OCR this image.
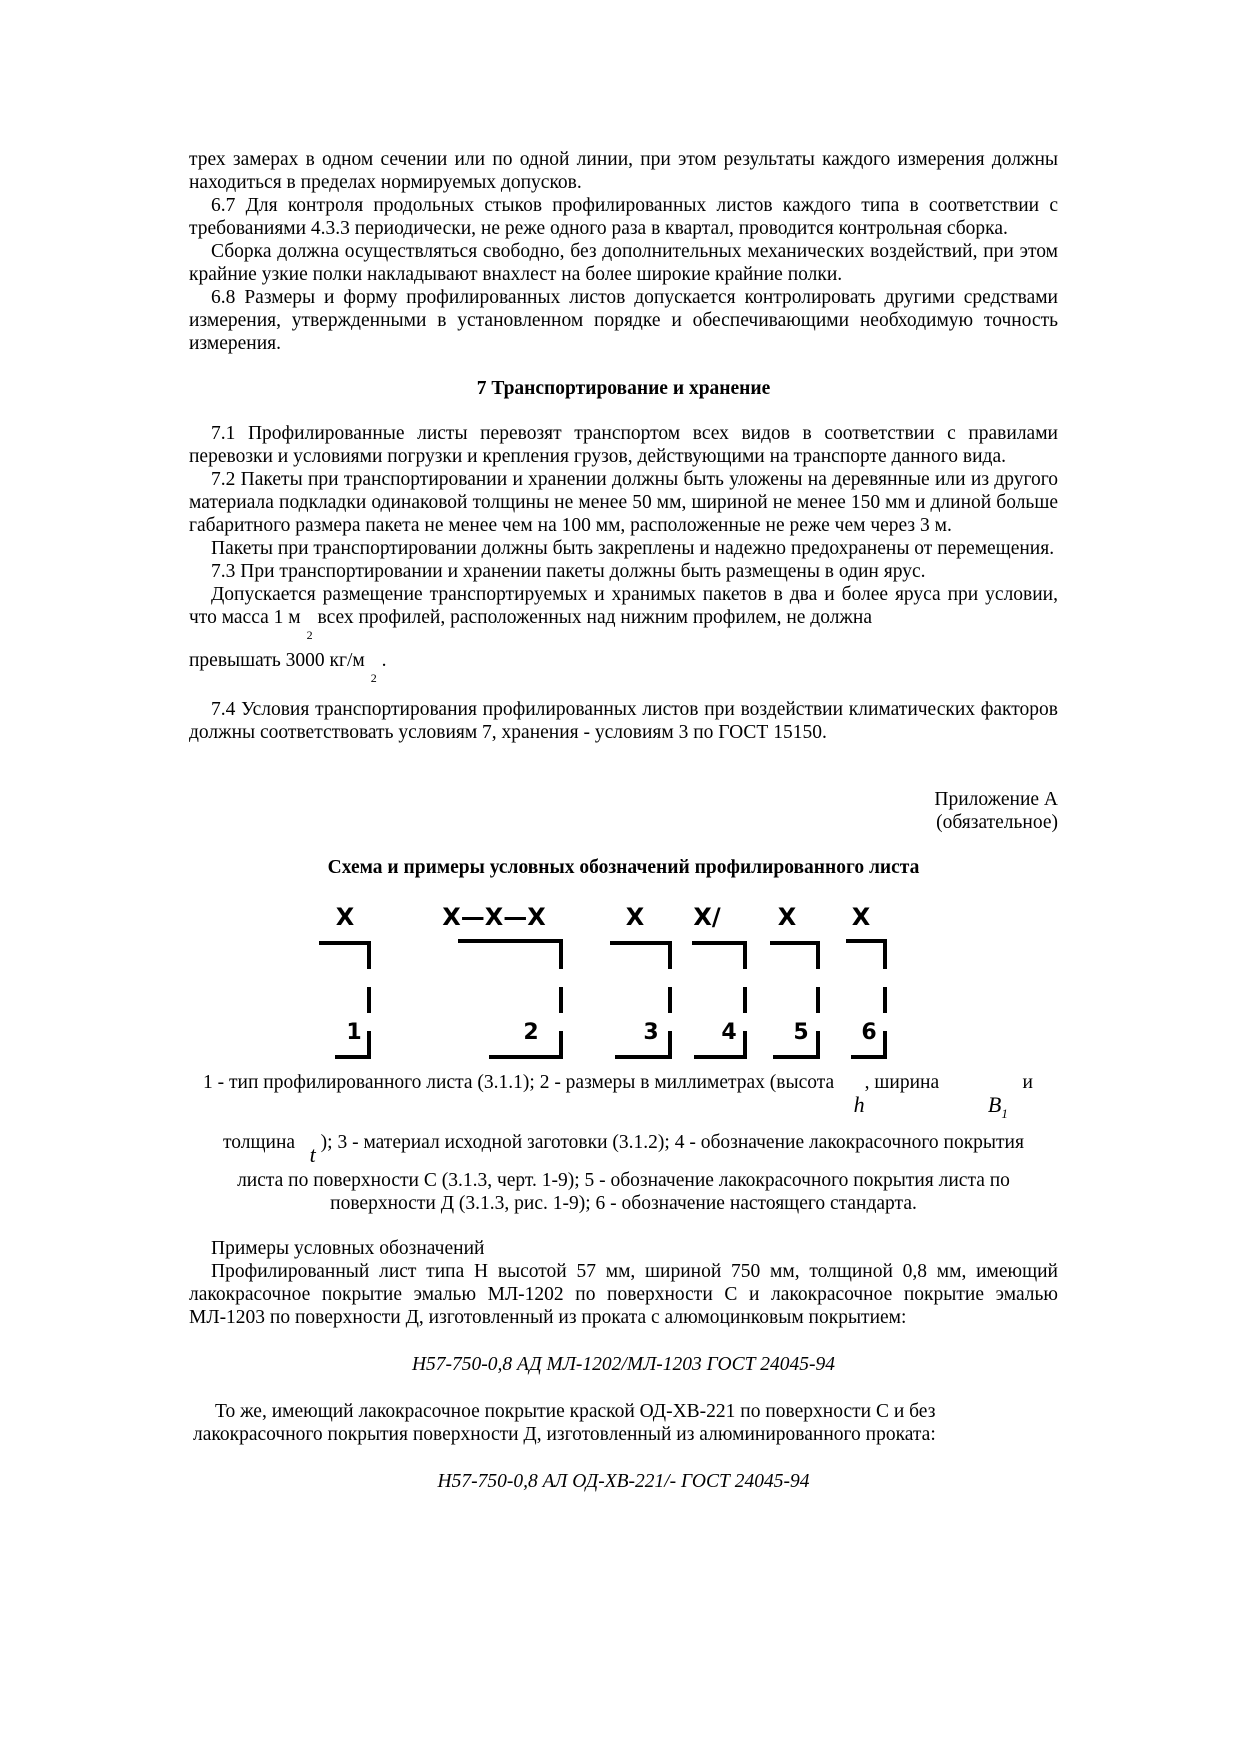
трех замерах в одном сечении или по одной линии, при этом результаты каждого измерения должны находиться в пределах нормируемых допусков.

6.7 Для контроля продольных стыков профилированных листов каждого типа в соответствии с требованиями 4.3.3 периодически, не реже одного раза в квартал, проводится контрольная сборка.

Сборка должна осуществляться свободно, без дополнительных механических воздействий, при этом крайние узкие полки накладывают внахлест на более широкие крайние полки.

6.8 Размеры и форму профилированных листов допускается контролировать другими средствами измерения, утвержденными в установленном порядке и обеспечивающими необходимую точность измерения.

7 Транспортирование и хранение

7.1 Профилированные листы перевозят транспортом всех видов в соответствии с правилами перевозки и условиями погрузки и крепления грузов, действующими на транспорте данного вида.

7.2 Пакеты при транспортировании и хранении должны быть уложены на деревянные или из другого материала подкладки одинаковой толщины не менее 50 мм, шириной не менее 150 мм и длиной больше габаритного размера пакета не менее чем на 100 мм, расположенные не реже чем через 3 м.

Пакеты при транспортировании должны быть закреплены и надежно предохранены от перемещения.

7.3 При транспортировании и хранении пакеты должны быть размещены в один ярус.

Допускается размещение транспортируемых и хранимых пакетов в два и более яруса при условии, что масса 1 $м_2$ всех профилей, расположенных над нижним профилем, не должна

превышать 3000 $кг/м_2$ .

7.4 Условия транспортирования профилированных листов при воздействии климатических факторов должны соответствовать условиям 7, хранения - условиям 3 по ГОСТ 15150.

Приложение А

(обязательное)

Схема и примеры условных обозначений профилированного листа

Х	Х—Х—Х	Х Х/ Х Х
1	2	3	4	5 6

1 - тип профилированного листа (3.1.1); 2 - размеры в миллиметрах (высота    h, ширина          $B_1$   и

толщина t ); 3 - материал исходной заготовки (3.1.2); 4 - обозначение лакокрасочного покрытия

листа по поверхности С (3.1.3, черт. 1-9); 5 - обозначение лакокрасочного покрытия листа по поверхности Д (3.1.3, рис. 1-9); 6 - обозначение настоящего стандарта.

Примеры условных обозначений

Профилированный лист типа Н высотой 57 мм, шириной 750 мм, толщиной 0,8 мм, имеющий лакокрасочное покрытие эмалью МЛ-1202 по поверхности С и лакокрасочное покрытие эмалью МЛ-1203 по поверхности Д, изготовленный из проката с алюмоцинковым покрытием:

Н57-750-0,8 АД МЛ-1202/МЛ-1203 ГОСТ 24045-94

То же, имеющий лакокрасочное покрытие краской ОД-ХВ-221 по поверхности С и без лакокрасочного покрытия поверхности Д, изготовленный из алюминированного проката:

Н57-750-0,8 АЛ ОД-ХВ-221/- ГОСТ 24045-94
